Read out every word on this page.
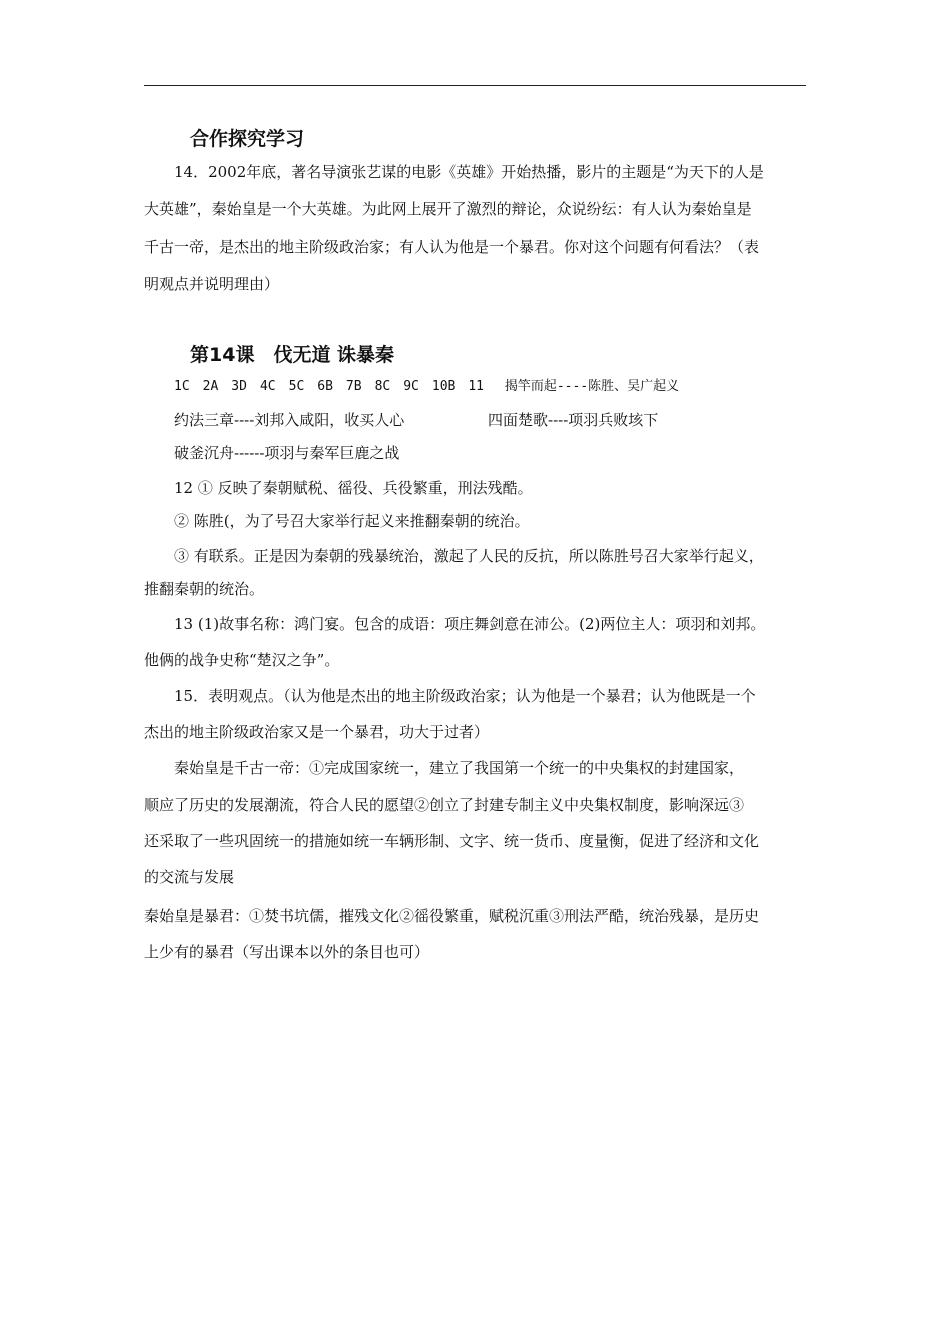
合作探究学习
14．2002年底，著名导演张艺谋的电影《英雄》开始热播，影片的主题是“为天下的人是
大英雄”，秦始皇是一个大英雄。为此网上展开了激烈的辩论，众说纷纭：有人认为秦始皇是
千古一帝，是杰出的地主阶级政治家；有人认为他是一个暴君。你对这个问题有何看法？（表
明观点并说明理由）
第14课　伐无道 诛暴秦
1C　2A　3D　4C　5C　6B　7B　8C　9C　10B　11　 揭竿而起----陈胜、吴广起义
约法三章----刘邦入咸阳，收买人心	四面楚歌----项羽兵败垓下
破釜沉舟------项羽与秦军巨鹿之战
12 ① 反映了秦朝赋税、徭役、兵役繁重，刑法残酷。
② 陈胜(，为了号召大家举行起义来推翻秦朝的统治。
③ 有联系。正是因为秦朝的残暴统治，激起了人民的反抗，所以陈胜号召大家举行起义，
推翻秦朝的统治。
13 (1)故事名称：鸿门宴。包含的成语：项庄舞剑意在沛公。(2)两位主人：项羽和刘邦。
他俩的战争史称“楚汉之争”。
15．表明观点。（认为他是杰出的地主阶级政治家；认为他是一个暴君；认为他既是一个
杰出的地主阶级政治家又是一个暴君，功大于过者）
秦始皇是千古一帝：①完成国家统一，建立了我国第一个统一的中央集权的封建国家，
顺应了历史的发展潮流，符合人民的愿望②创立了封建专制主义中央集权制度，影响深远③
还采取了一些巩固统一的措施如统一车辆形制、文字、统一货币、度量衡，促进了经济和文化
的交流与发展
秦始皇是暴君：①焚书坑儒，摧残文化②徭役繁重，赋税沉重③刑法严酷，统治残暴，是历史
上少有的暴君（写出课本以外的条目也可）
